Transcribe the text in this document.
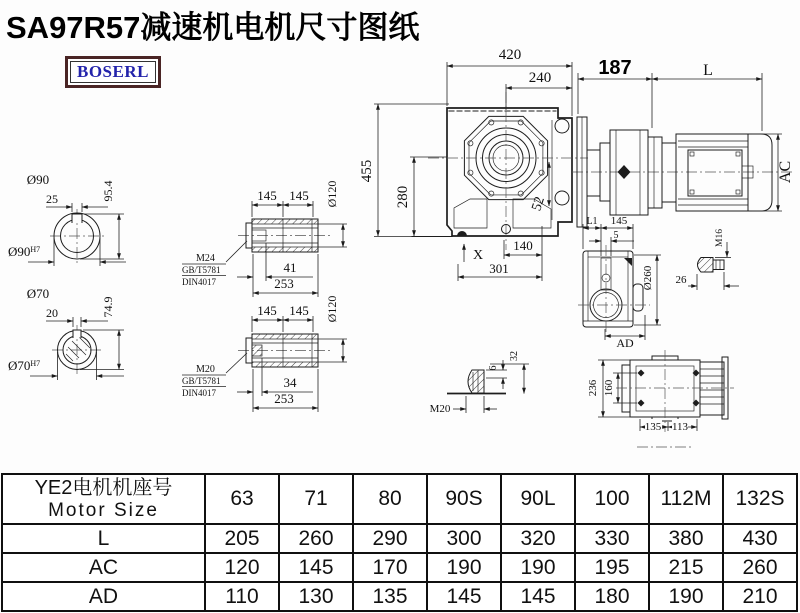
SA97R57减速机电机尺寸图纸
BOSERL
420
240
455
280	52
X
140
301
187	L
AC
Ø90
25	95.4
$Ø90^{H7}$
Ø70
20	74.9
$Ø70^{H7}$
145 145 Ø120
41
253
M24
GB/T5781
DIN4017
145 145 Ø120
34
253
M20
GB/T5781
DIN4017
L1 145
5
Ø260
AD
M16
26
M20
6
32
236 160
135 113
YE2电机机座号
Motor Size	63	71	80	90S	90L	100	112M	132S
L	205	260	290	300	320	330	380	430
AC	120	145	170	190	190	195	215	260
AD	110	130	135	145	145	180	190	210
